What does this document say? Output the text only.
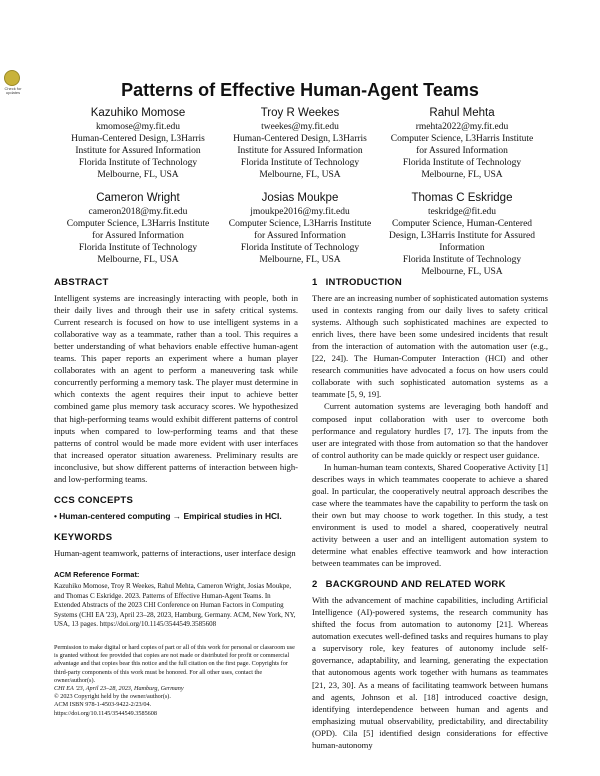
Check for updates	Patterns of Effective Human-Agent Teams
Kazuhiko Momose
kmomose@my.fit.edu
Human-Centered Design, L3Harris
Institute for Assured Information
Florida Institute of Technology
Melbourne, FL, USA
Troy R Weekes
tweekes@my.fit.edu
Human-Centered Design, L3Harris
Institute for Assured Information
Florida Institute of Technology
Melbourne, FL, USA
Rahul Mehta
rmehta2022@my.fit.edu
Computer Science, L3Harris Institute
for Assured Information
Florida Institute of Technology
Melbourne, FL, USA
Cameron Wright
cameron2018@my.fit.edu
Computer Science, L3Harris Institute
for Assured Information
Florida Institute of Technology
Melbourne, FL, USA
Josias Moukpe
jmoukpe2016@my.fit.edu
Computer Science, L3Harris Institute
for Assured Information
Florida Institute of Technology
Melbourne, FL, USA
Thomas C Eskridge
teskridge@fit.edu
Computer Science, Human-Centered
Design, L3Harris Institute for Assured
Information
Florida Institute of Technology
Melbourne, FL, USA
ABSTRACT

Intelligent systems are increasingly interacting with people, both in their daily lives and through their use in safety critical systems. Current research is focused on how to use intelligent systems in a collaborative way as a teammate, rather than a tool. This requires a better understanding of what behaviors enable effective human-agent teams. This paper reports an experiment where a human player collaborates with an agent to perform a maneuvering task while concurrently performing a memory task. The player must determine in which contexts the agent requires their input to achieve better combined game plus memory task accuracy scores. We hypothesized that high-performing teams would exhibit different patterns of control inputs when compared to low-performing teams and that these patterns of control would be made more evident with user interfaces that increased operator situation awareness. Preliminary results are inconclusive, but show different patterns of interaction between high- and low-performing teams.

CCS CONCEPTS

• Human-centered computing → Empirical studies in HCI.

KEYWORDS

Human-agent teamwork, patterns of interactions, user interface design

ACM Reference Format:

Kazuhiko Momose, Troy R Weekes, Rahul Mehta, Cameron Wright, Josias Moukpe, and Thomas C Eskridge. 2023. Patterns of Effective Human-Agent Teams. In Extended Abstracts of the 2023 CHI Conference on Human Factors in Computing Systems (CHI EA '23), April 23–28, 2023, Hamburg, Germany. ACM, New York, NY, USA, 13 pages. https://doi.org/10.1145/3544549.3585608

Permission to make digital or hard copies of part or all of this work for personal or classroom use is granted without fee provided that copies are not made or distributed for profit or commercial advantage and that copies bear this notice and the full citation on the first page. Copyrights for third-party components of this work must be honored. For all other uses, contact the owner/author(s).

CHI EA '23, April 23–28, 2023, Hamburg, Germany

© 2023 Copyright held by the owner/author(s).

ACM ISBN 978-1-4503-9422-2/23/04.

https://doi.org/10.1145/3544549.3585608

1 INTRODUCTION

There are an increasing number of sophisticated automation systems used in contexts ranging from our daily lives to safety critical systems. Although such sophisticated machines are expected to enrich lives, there have been some undesired incidents that result from the interaction of automation with the automation user (e.g., [22, 24]). The Human-Computer Interaction (HCI) and other research communities have advocated a focus on how users could collaborate with such sophisticated automation systems as a teammate [5, 9, 19].

Current automation systems are leveraging both handoff and composed input collaboration with user to overcome both performance and regulatory hurdles [7, 17]. The inputs from the user are integrated with those from automation so that the handover of control authority can be made quickly or respect user guidance.

In human-human team contexts, Shared Cooperative Activity [1] describes ways in which teammates cooperate to achieve a shared goal. In particular, the cooperatively neutral approach describes the case where the teammates have the capability to perform the task on their own but may choose to work together. In this study, a test environment is used to model a shared, cooperatively neutral activity between a user and an intelligent automation system to determine what enables effective teamwork and how interaction between teammates can be improved.

2 BACKGROUND AND RELATED WORK

With the advancement of machine capabilities, including Artificial Intelligence (AI)-powered systems, the research community has shifted the focus from automation to autonomy [21]. Whereas automation executes well-defined tasks and requires humans to play a supervisory role, key features of autonomy include self-governance, adaptability, and learning, generating the expectation that autonomous agents work together with humans as teammates [21, 23, 30]. As a means of facilitating teamwork between humans and agents, Johnson et al. [18] introduced coactive design, identifying interdependence between human and agents and emphasizing mutual observability, predictability, and directability (OPD). Cila [5] identified design considerations for effective human-autonomy
